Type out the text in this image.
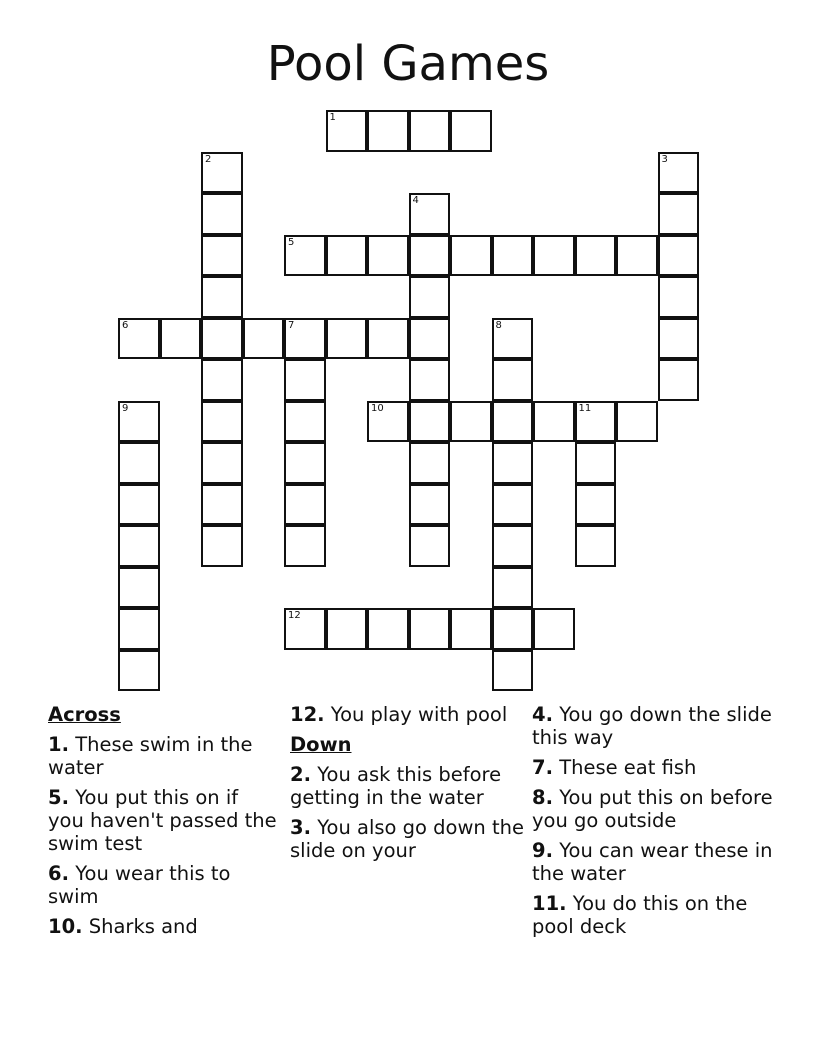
Pool Games
1
2	3
4
5
6	7	8
9	10	11
12
Across
1. These swim in the water
5. You put this on if you haven't passed the swim test
6. You wear this to swim
10. Sharks and
12. You play with pool
Down
2. You ask this before getting in the water
3. You also go down the slide on your
4. You go down the slide this way
7. These eat fish
8. You put this on before you go outside
9. You can wear these in the water
11. You do this on the pool deck
